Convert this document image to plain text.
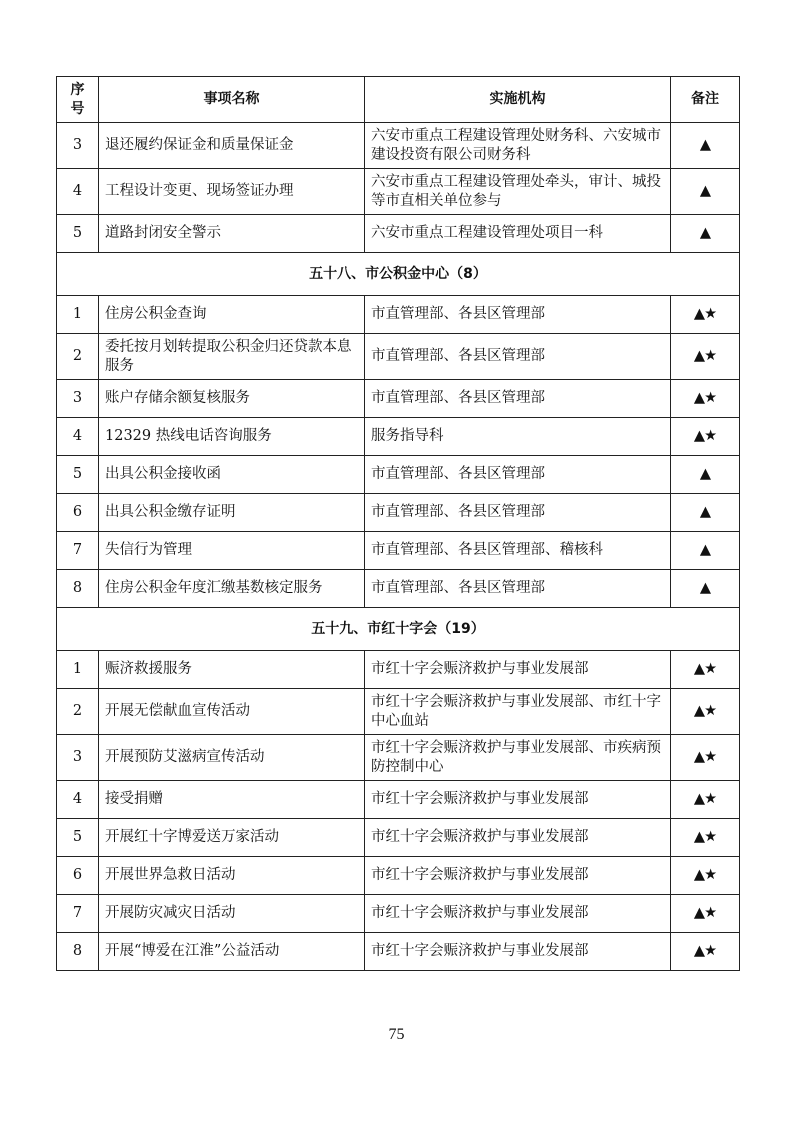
序号	事项名称	实施机构	备注
3	退还履约保证金和质量保证金	六安市重点工程建设管理处财务科、六安城市建设投资有限公司财务科	▲
4	工程设计变更、现场签证办理	六安市重点工程建设管理处牵头，审计、城投等市直相关单位参与	▲
5	道路封闭安全警示	六安市重点工程建设管理处项目一科	▲
五十八、市公积金中心（8）			
1	住房公积金查询	市直管理部、各县区管理部	▲★
2	委托按月划转提取公积金归还贷款本息服务	市直管理部、各县区管理部	▲★
3	账户存储余额复核服务	市直管理部、各县区管理部	▲★
4	12329 热线电话咨询服务	服务指导科	▲★
5	出具公积金接收函	市直管理部、各县区管理部	▲
6	出具公积金缴存证明	市直管理部、各县区管理部	▲
7	失信行为管理	市直管理部、各县区管理部、稽核科	▲
8	住房公积金年度汇缴基数核定服务	市直管理部、各县区管理部	▲
五十九、市红十字会（19）			
1	赈济救援服务	市红十字会赈济救护与事业发展部	▲★
2	开展无偿献血宣传活动	市红十字会赈济救护与事业发展部、市红十字中心血站	▲★
3	开展预防艾滋病宣传活动	市红十字会赈济救护与事业发展部、市疾病预防控制中心	▲★
4	接受捐赠	市红十字会赈济救护与事业发展部	▲★
5	开展红十字博爱送万家活动	市红十字会赈济救护与事业发展部	▲★
6	开展世界急救日活动	市红十字会赈济救护与事业发展部	▲★
7	开展防灾减灾日活动	市红十字会赈济救护与事业发展部	▲★
8	开展“博爱在江淮”公益活动	市红十字会赈济救护与事业发展部	▲★
75
